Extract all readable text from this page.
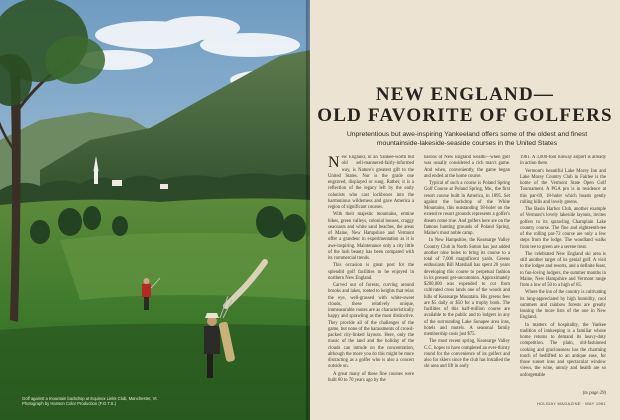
Golf against a mountain backdrop at Equinox Links Club, Manchester, Vt.
Photograph by Hanson Color Production (F.O.T.S.)
NEW ENGLAND—
OLD FAVORITE OF GOLFERS

Unpretentious but awe-inspiring Yankeeland offers some of the oldest and finest mountainside-lakeside-seaside courses in the United States

New England, in an Yankee-worth but old sell-mannered-fairly-informed way, is Nature's greatest gift to the United States. Nor is the grade one engraved, displayed or sung. Rather, it is a reflection of the legacy left by the early colonists who cast lockboxes into the harmonious wilderness and gave America a region of significant courses.

With their majestic mountains, ermine hikes, green valleys, colonial houses, craggy seacoasts and white sand beaches, the areas of Maine, New Hampshire and Vermont offer a grandeur in experimentation as it is awe-inspiring. Maintenance only a city little of the lush beauty has been compared with its commercial trends.

This occasion is great post for the splendid golf facilities to be enjoyed in northern New England.

Carved out of forests, curving around brooks and lakes, rooted to heights that relax the eye, well-grassed with white-sweet clouds, these relatively unique, immeasurable routes are as characteristically happy and sprawling as the most distinctive. They provide all of the challenges of the game, but none of the harassments of crowd-packed city-linked layouts. Here, only the music of the land and the holiday of the clouds can intrude on the concentration, although the more you do this might be more distracting as a golfer who is also a concert outside on.

A great many of these fine courses were built 60 to 70 years ago by the

barons of New England wealth—when golf was usually considered a rich man's game. And when, conveniently, the game began and ended at the home course.

Typical of such a course is Poland Spring Golf Course at Poland Spring, Me., the first resort course built in America, in 1895. Set against the backdrop of the White Mountains, this outstanding 18-holer on the extensive resort grounds represents a golfer's dream come true. And golfers here are on the famous hunting grounds of Poland Spring, Maine's most noble camp.

In New Hampshire, the Kearsarge Valley Country Club in North Sutton has just added another nine holes to bring its course to a total of 7,000 magnificent yards. Greens enthusiasts Bill Marshall has spent 20 years developing this course to perpetual fashion in its present get-uncommon. Approximately $200,000 was expended to cut from cultivated cross lands one of the woods and hills of Kearsarge Mountain. His greens fees are $5 daily or $50 for a trophy book. The facilities of this half-million course are available to the public and to lodgers in any of the surrounding Lake Sunapee area inns, hotels and motels. A seasonal family membership costs just $75.

The most recent spring, Kearsarge Valley C.C. hopes to have completed an ever-thirsty round for the convenience of its golfers and also for skiers since the club has installed the ski area and lift in early

1961. A 3,000-foot runway airport is already in action there.

Vermont's beautiful Lake Morey Inn and Lake Morey Country Club in Fairlee is the home of the Vermont State Open Golf Tournament. A PGA pro is in residence at this par-69, 18-holer which boasts gently rolling hills and lovely greens.

The Basin Harbor Club, another example of Vermont's lovely lakeside layouts, invites golfers to its sprawling Champlain Lake country course. The fine and eighteenth-tee of the rolling par-72 course are only a few steps from the lodge. The woodland walks from tee to green are a serene treat.

The celebrated New England ski area is still another target of its genial golf. A visit to the lodges and resorts, and a definite feast, to fun-loving lodgers, the summer months in Maine, New Hampshire and Vermont range from a low of 50 to a high of 85.

Where the inn of the country is cultivating its long-appreciated by high humidity, cool summers and rainbow forests are greatly leaning the more lists of the one in New England.

In matters of hospitality, the Yankee tradition of innkeeping is a familiar whose home returns to demand its heavy-duty competition. The plain, old-fashioned cooking and graciousness has the charming touch of bedlifted to an antique ease, for those sunset inns and spectacular window views, the wine, unruly and health are so unforgettable

(to page 29)
HOLIDAY MAGAZINE · MAY 1961
